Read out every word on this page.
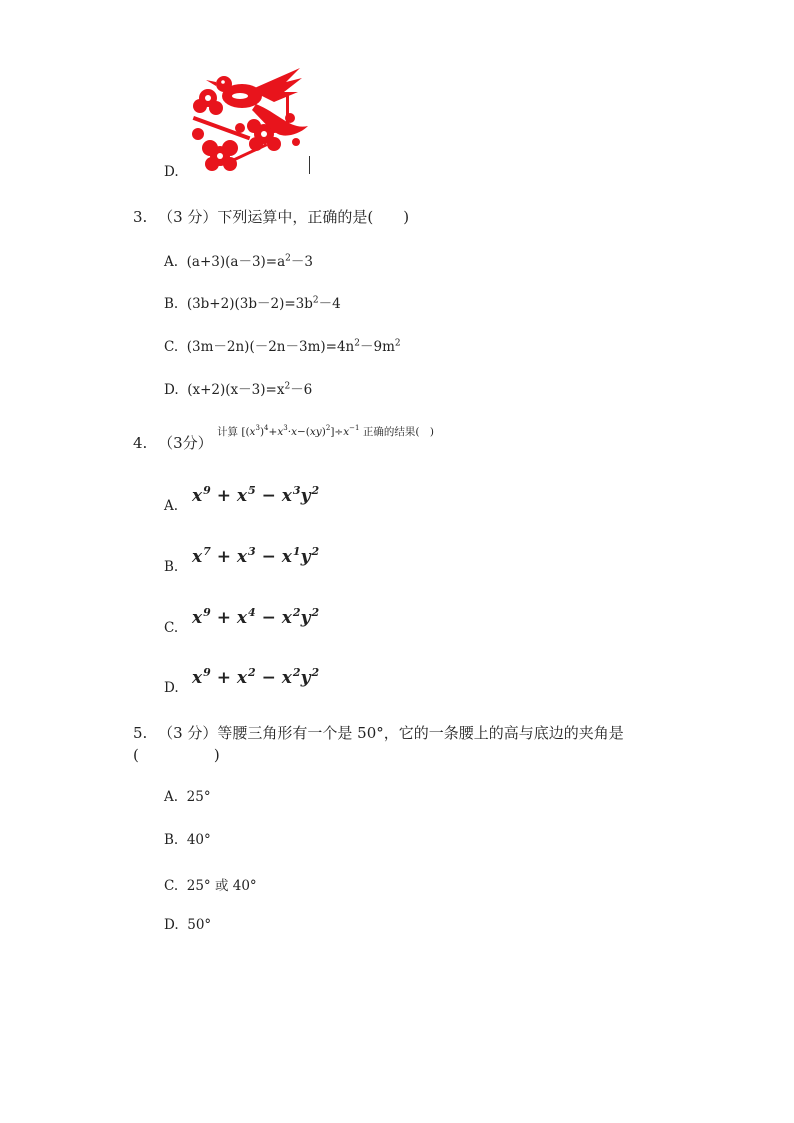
D.
3. （3 分）下列运算中，正确的是(　　)
A. $(a+3)(a-3)=a^2-3$
B. $(3b+2)(3b-2)=3b^2-4$
C. $(3m-2n)(-2n-3m)=4n^2-9m^2$
D. $(x+2)(x-3)=x^2-6$
4. （3分）
计算 $[(x^3)^4+x^3\cdot x-(xy)^2]\div x^{-1}$ 正确的结果(　)
A. $x^9 + x^5 - x^3y^2$
B. $x^7 + x^3 - x^1y^2$
C. $x^9 + x^4 - x^2y^2$
D. $x^9 + x^2 - x^2y^2$
5. （3 分）等腰三角形有一个是 50°，它的一条腰上的高与底边的夹角是
(　　　　　)
A. 25°
B. 40°
C. 25° 或 40°
D. 50°
